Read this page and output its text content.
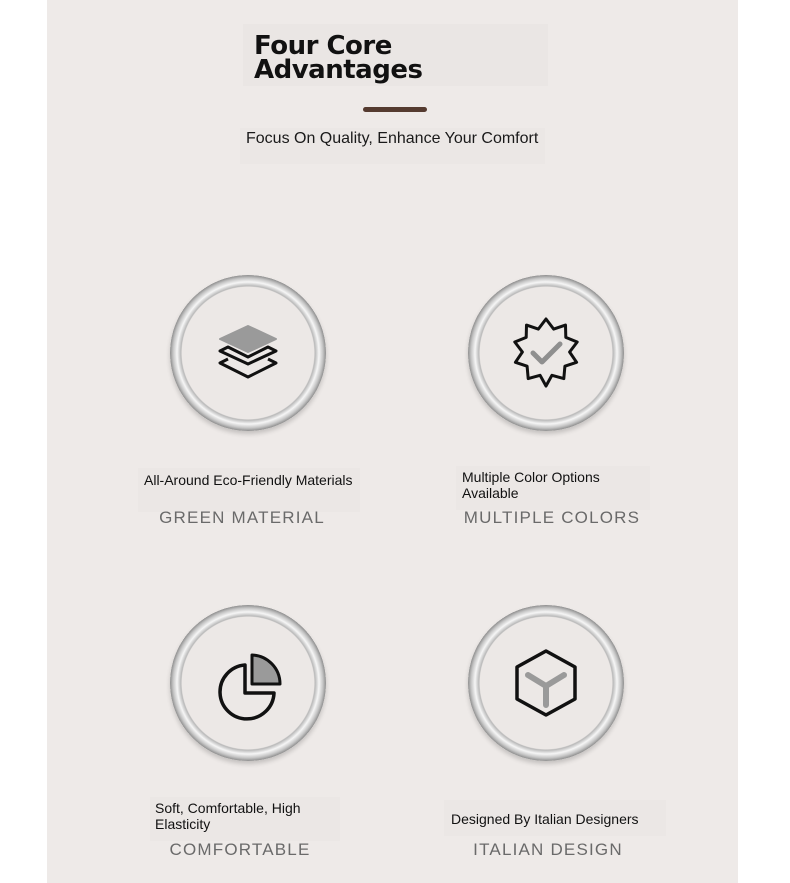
Four Core Advantages
Focus On Quality, Enhance Your Comfort
All-Around Eco-Friendly Materials
GREEN MATERIAL
Multiple Color Options Available
MULTIPLE COLORS
Soft, Comfortable, High Elasticity
COMFORTABLE
Designed By Italian Designers
ITALIAN DESIGN
